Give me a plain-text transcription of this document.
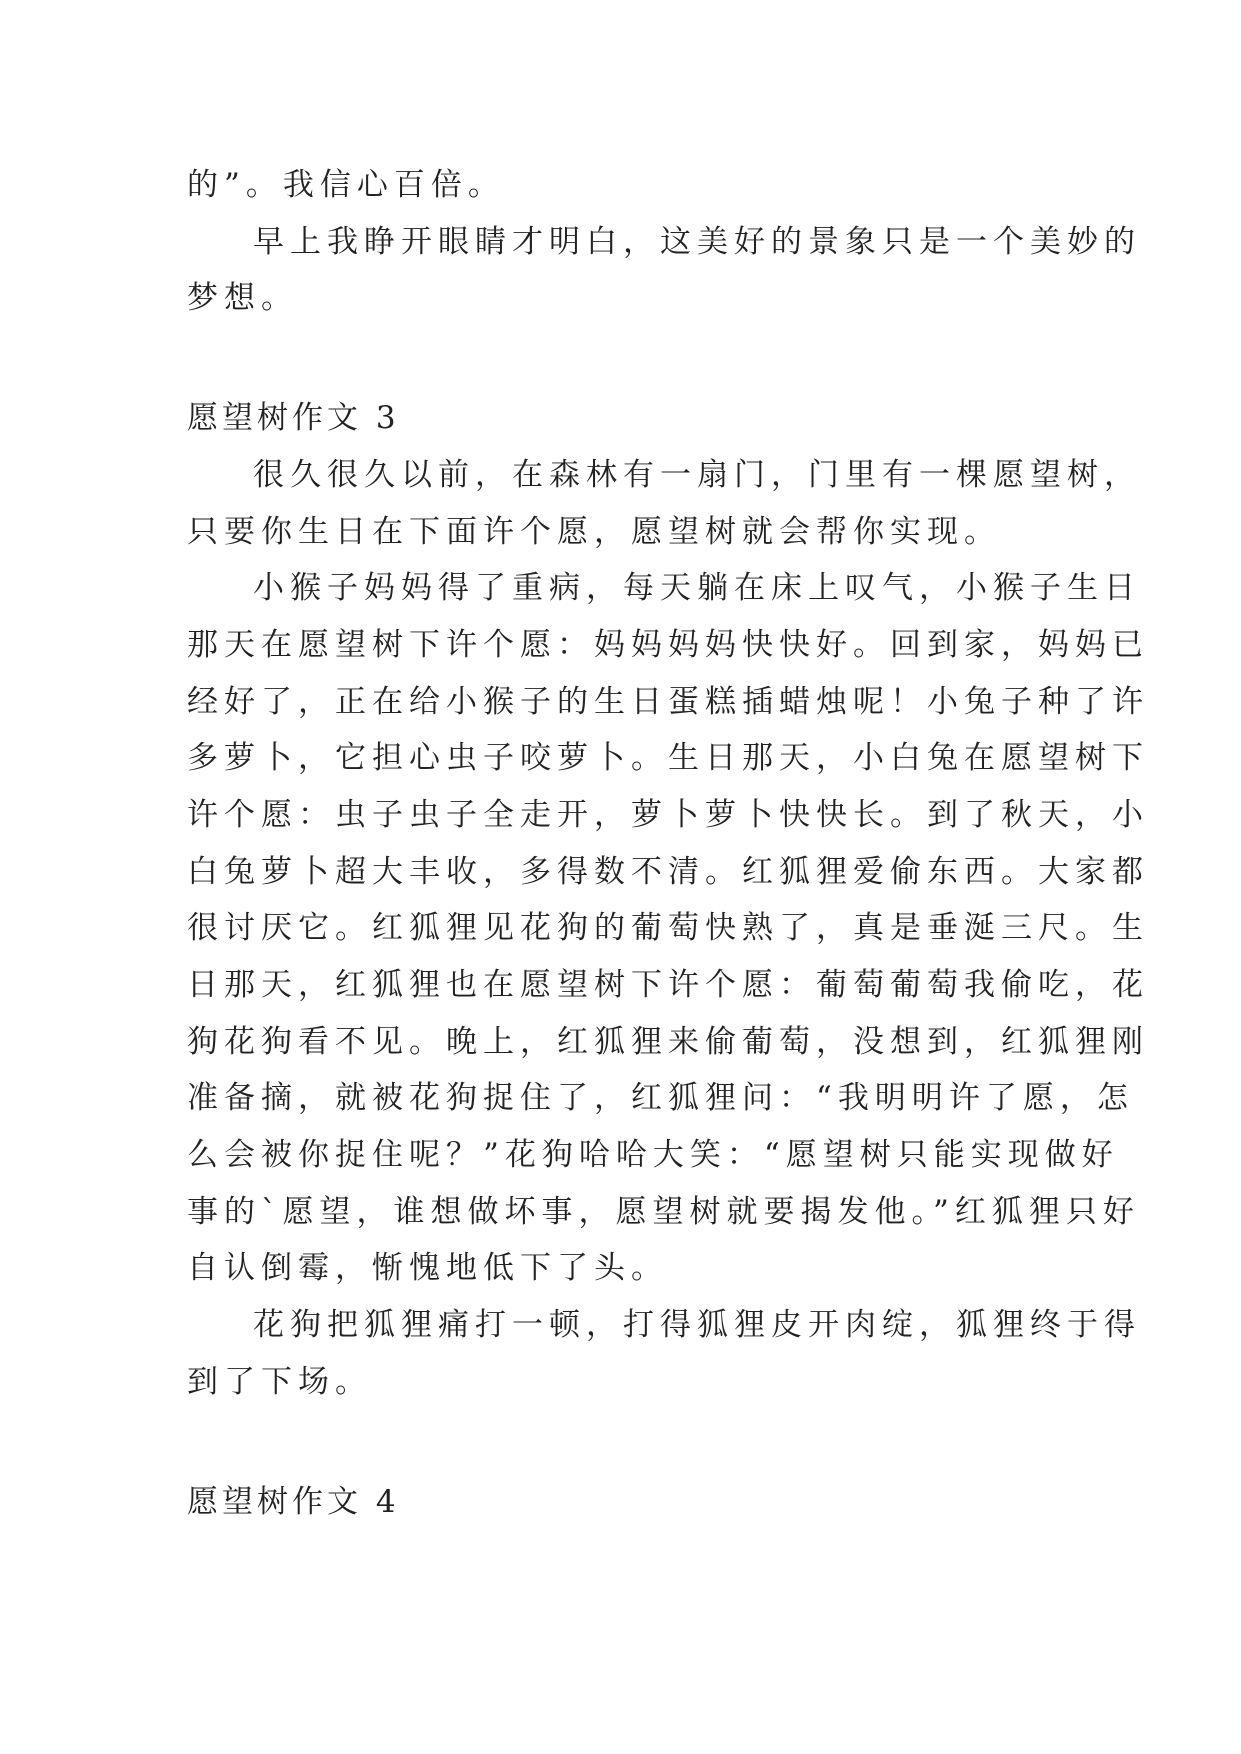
的”。我信心百倍。

早上我睁开眼睛才明白，这美好的景象只是一个美妙的

梦想。

愿望树作文 3

很久很久以前，在森林有一扇门，门里有一棵愿望树，

只要你生日在下面许个愿，愿望树就会帮你实现。

小猴子妈妈得了重病，每天躺在床上叹气，小猴子生日

那天在愿望树下许个愿：妈妈妈妈快快好。回到家，妈妈已

经好了，正在给小猴子的生日蛋糕插蜡烛呢！小兔子种了许

多萝卜，它担心虫子咬萝卜。生日那天，小白兔在愿望树下

许个愿：虫子虫子全走开，萝卜萝卜快快长。到了秋天，小

白兔萝卜超大丰收，多得数不清。红狐狸爱偷东西。大家都

很讨厌它。红狐狸见花狗的葡萄快熟了，真是垂涎三尺。生

日那天，红狐狸也在愿望树下许个愿：葡萄葡萄我偷吃，花

狗花狗看不见。晚上，红狐狸来偷葡萄，没想到，红狐狸刚

准备摘，就被花狗捉住了，红狐狸问：“我明明许了愿，怎

么会被你捉住呢？”花狗哈哈大笑：“愿望树只能实现做好

事的`愿望，谁想做坏事，愿望树就要揭发他。”红狐狸只好

自认倒霉，惭愧地低下了头。

花狗把狐狸痛打一顿，打得狐狸皮开肉绽，狐狸终于得

到了下场。

愿望树作文 4
